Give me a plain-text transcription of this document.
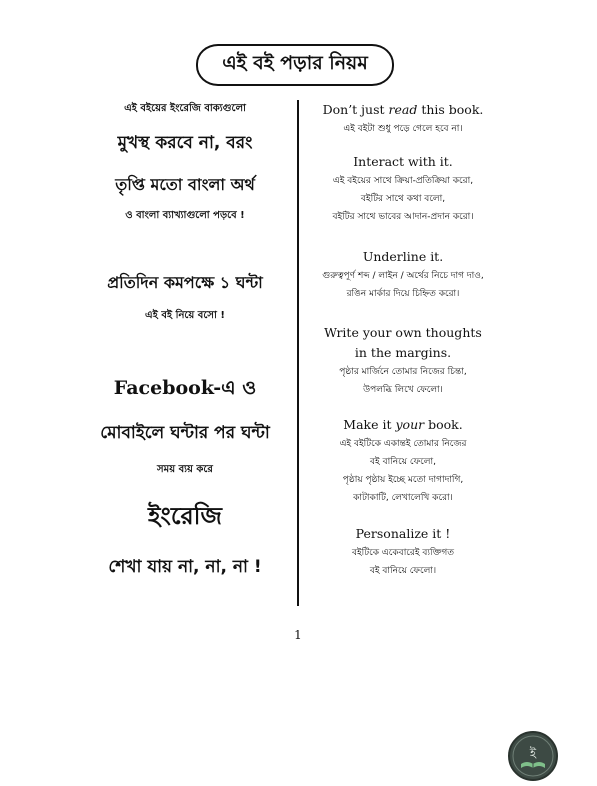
এই বই পড়ার নিয়ম
এই বইয়ের ইংরেজি বাক্যগুলো
মুখস্থ করবে না, বরং
তৃপ্তি মতো বাংলা অর্থ
ও বাংলা ব্যাখ্যাগুলো পড়বে !
প্রতিদিন কমপক্ষে ১ ঘন্টা
এই বই নিয়ে বসো !
Facebook-এ ও
মোবাইলে ঘন্টার পর ঘন্টা
সময় ব্যয় করে
ইংরেজি
শেখা যায় না, না, না !
Don’t just read this book.
এই বইটা শুধু পড়ে গেলে হবে না।
Interact with it.
এই বইয়ের সাথে ক্রিয়া-প্রতিক্রিয়া করো,
বইটির সাথে কথা বলো,
বইটির সাথে ভাবের আদান-প্রদান করো।
Underline it.
গুরুত্বপূর্ণ শব্দ / লাইন / অর্থের নিচে দাগ দাও,
রঙিন মার্কার দিয়ে চিহ্নিত করো।
Write your own thoughts
in the margins.
পৃষ্ঠার মার্জিনে তোমার নিজের চিন্তা,
উপলব্ধি লিখে ফেলো।
Make it your book.
এই বইটিকে একান্তই তোমার নিজের
বই বানিয়ে ফেলো,
পৃষ্ঠায় পৃষ্ঠায় ইচ্ছে মতো দাগাদাগি,
কাটাকাটি, লেখালেখি করো।
Personalize it !
বইটিকে একেবারেই ব্যক্তিগত
বই বানিয়ে ফেলো।
1
ই
